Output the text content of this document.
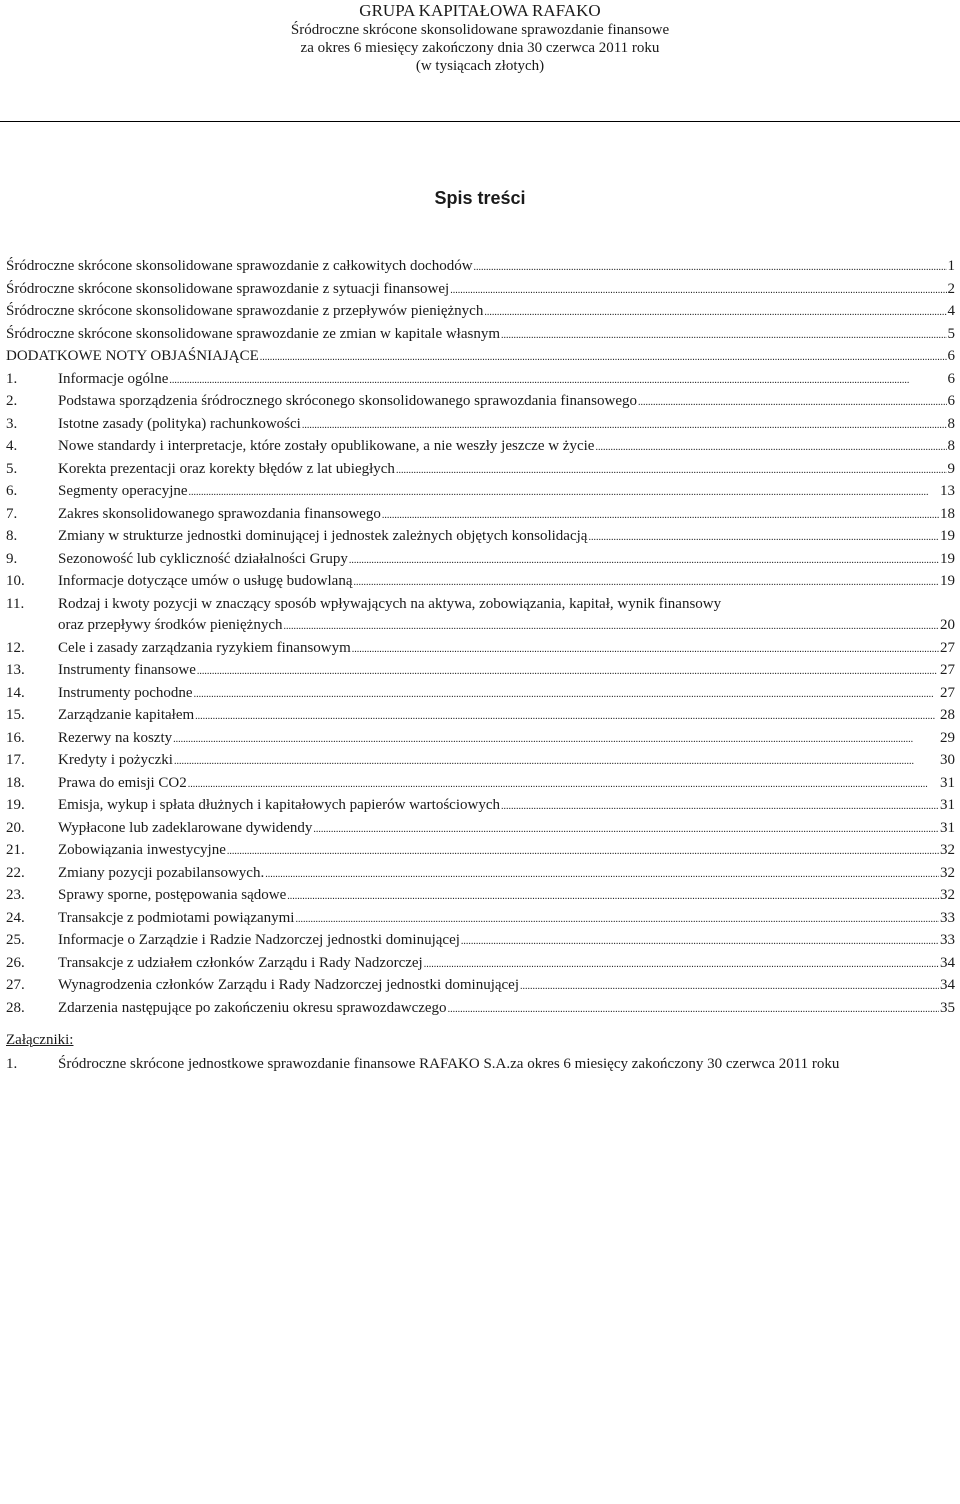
GRUPA KAPITAŁOWA RAFAKO
Śródroczne skrócone skonsolidowane sprawozdanie finansowe
za okres 6 miesięcy zakończony dnia 30 czerwca 2011 roku
(w tysiącach złotych)
Spis treści
Śródroczne skrócone skonsolidowane sprawozdanie z całkowitych dochodów .....	1
Śródroczne skrócone skonsolidowane sprawozdanie z sytuacji finansowej .....	2
Śródroczne skrócone skonsolidowane sprawozdanie z przepływów pieniężnych .....	4
Śródroczne skrócone skonsolidowane sprawozdanie ze zmian w kapitale własnym .....	5
DODATKOWE NOTY OBJAŚNIAJĄCE .....	6
1.	Informacje ogólne .....	6
2.	Podstawa sporządzenia śródrocznego skróconego skonsolidowanego sprawozdania finansowego .....	6
3.	Istotne zasady (polityka) rachunkowości .....	8
4.	Nowe standardy i interpretacje, które zostały opublikowane, a nie weszły jeszcze w życie .....	8
5.	Korekta prezentacji oraz korekty błędów z lat ubiegłych .....	9
6.	Segmenty operacyjne .....	13
7.	Zakres skonsolidowanego sprawozdania finansowego .....	18
8.	Zmiany w strukturze jednostki dominującej i jednostek zależnych objętych konsolidacją .....	19
9.	Sezonowość lub cykliczność działalności Grupy .....	19
10.	Informacje dotyczące umów o usługę budowlaną .....	19
11.	Rodzaj i kwoty pozycji w znaczący sposób wpływających na aktywa, zobowiązania, kapitał, wynik finansowy
oraz przepływy środków pieniężnych .....	20
12.	Cele i zasady zarządzania ryzykiem finansowym .....	27
13.	Instrumenty finansowe .....	27
14.	Instrumenty pochodne .....	27
15.	Zarządzanie kapitałem .....	28
16.	Rezerwy na koszty .....	29
17.	Kredyty i pożyczki .....	30
18.	Prawa do emisji CO2 .....	31
19.	Emisja, wykup i spłata dłużnych i kapitałowych papierów wartościowych .....	31
20.	Wypłacone lub zadeklarowane dywidendy .....	31
21.	Zobowiązania inwestycyjne .....	32
22.	Zmiany pozycji pozabilansowych. .....	32
23.	Sprawy sporne, postępowania sądowe .....	32
24.	Transakcje z podmiotami powiązanymi .....	33
25.	Informacje o Zarządzie i Radzie Nadzorczej jednostki dominującej .....	33
26.	Transakcje z udziałem członków Zarządu i Rady Nadzorczej .....	34
27.	Wynagrodzenia członków Zarządu i Rady Nadzorczej jednostki dominującej .....	34
28.	Zdarzenia następujące po zakończeniu okresu sprawozdawczego .....	35
Załączniki:
1.	Śródroczne skrócone jednostkowe sprawozdanie finansowe RAFAKO S.A.za okres 6 miesięcy zakończony 30 czerwca 2011 roku
